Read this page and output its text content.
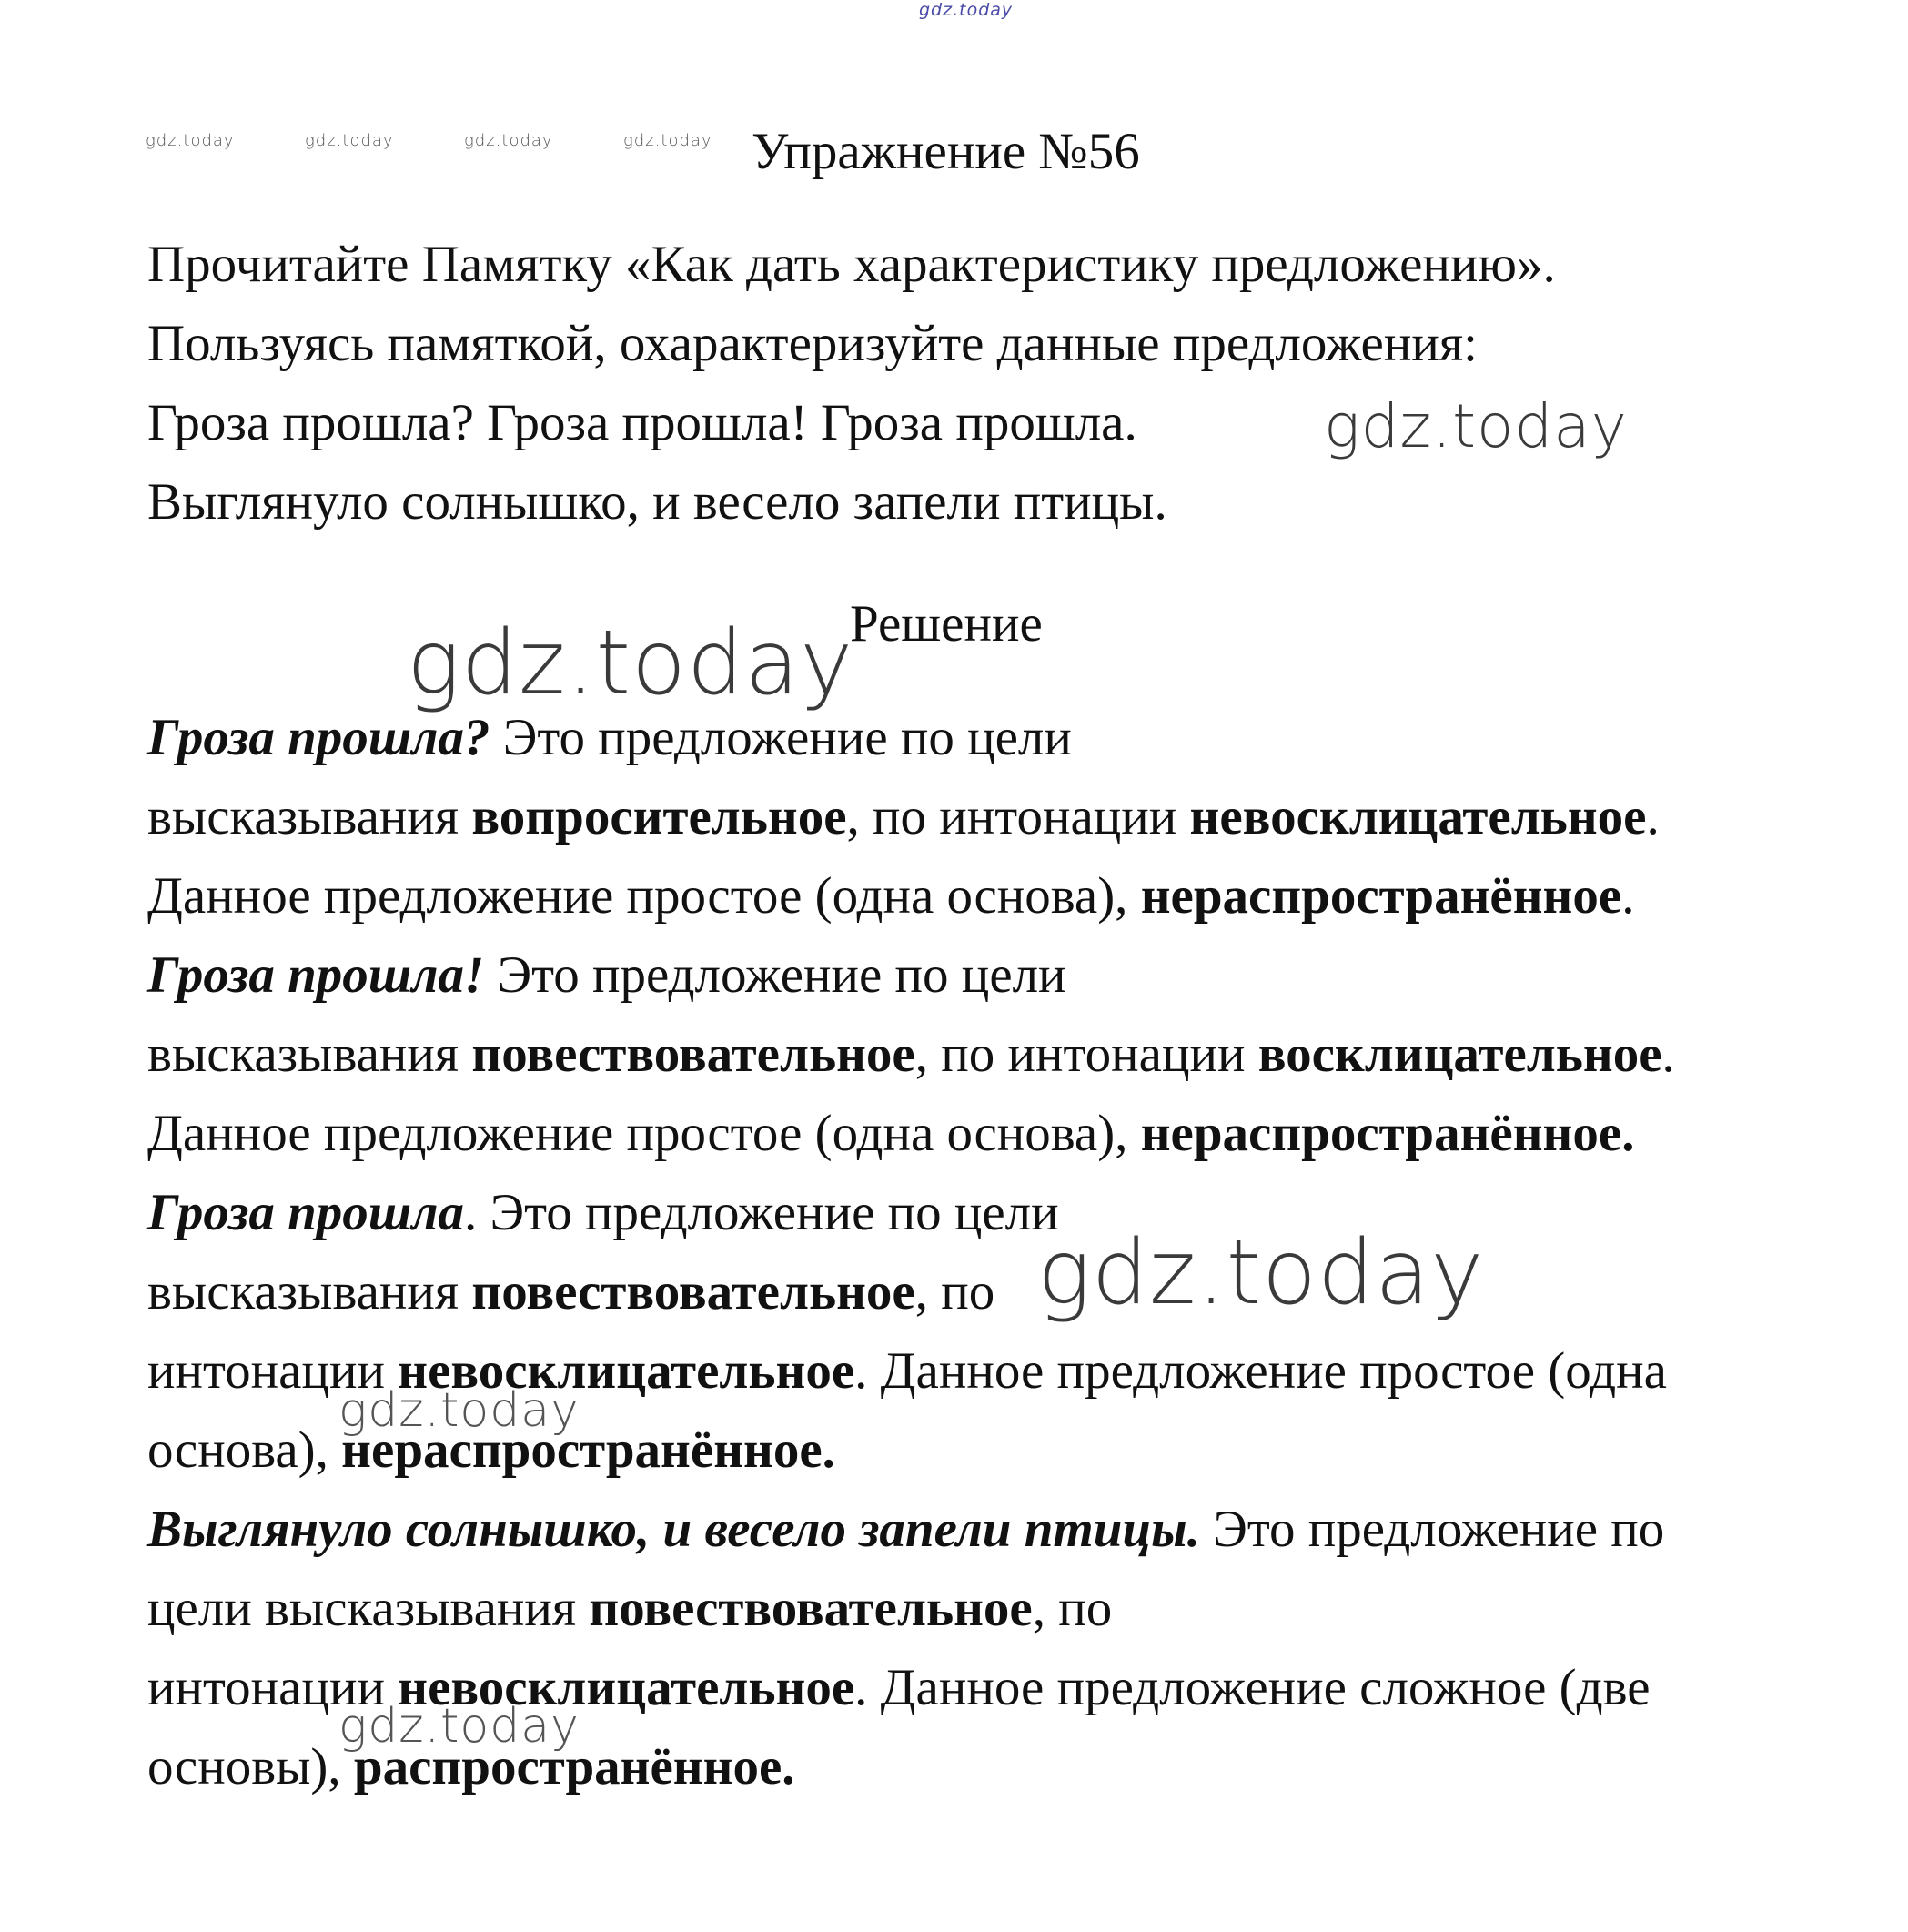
gdz.today
gdz.today	gdz.today	gdz.today	gdz.today
gdz.today
gdz.today
gdz.today
gdz.today
gdz.today
Упражнение №56
Прочитайте Памятку «Как дать характеристику предложению».
Пользуясь памяткой, охарактеризуйте данные предложения:
Гроза прошла? Гроза прошла! Гроза прошла.
Выглянуло солнышко, и весело запели птицы.
Решение
Гроза прошла? Это предложение по цели
высказывания вопросительное, по интонации невосклицательное.
Данное предложение простое (одна основа), нераспространённое.
Гроза прошла! Это предложение по цели
высказывания повествовательное, по интонации восклицательное.
Данное предложение простое (одна основа), нераспространённое.
Гроза прошла. Это предложение по цели
высказывания повествовательное, по
интонации невосклицательное. Данное предложение простое (одна
основа), нераспространённое.
Выглянуло солнышко, и весело запели птицы. Это предложение по
цели высказывания повествовательное, по
интонации невосклицательное. Данное предложение сложное (две
основы), распространённое.
